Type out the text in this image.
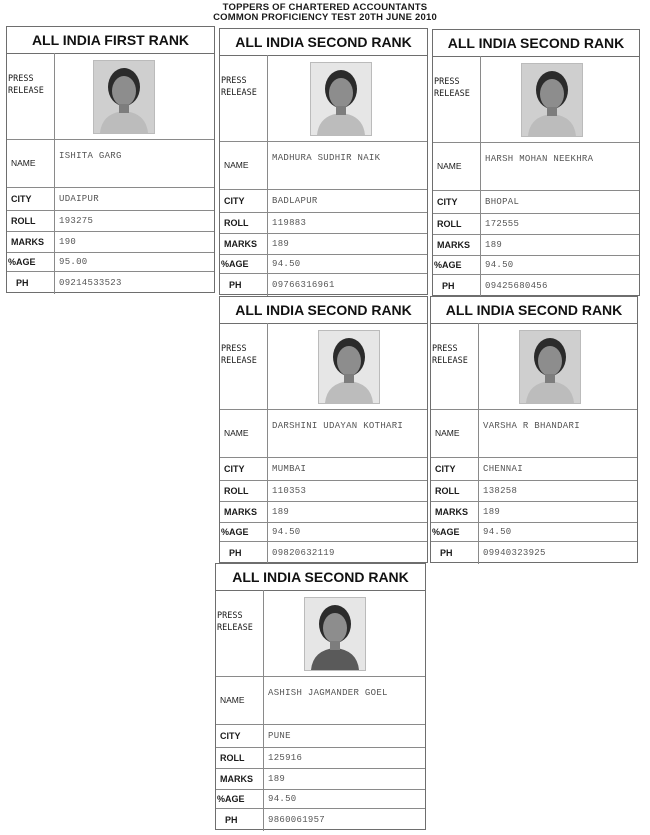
TOPPERS OF CHARTERED ACCOUNTANTS
COMMON PROFICIENCY TEST 20TH JUNE 2010
ALL INDIA FIRST RANK
PRESS RELEASE
NAME
ISHITA GARG
CITY	UDAIPUR
ROLL	193275
MARKS	190
%AGE	95.00
PH	09214533523
ALL INDIA SECOND RANK
PRESS RELEASE
NAME
MADHURA SUDHIR NAIK
CITY	BADLAPUR
ROLL	119883
MARKS	189
%AGE	94.50
PH	09766316961
ALL INDIA SECOND RANK
PRESS RELEASE
NAME
HARSH MOHAN NEEKHRA
CITY	BHOPAL
ROLL	172555
MARKS	189
%AGE	94.50
PH	09425680456
ALL INDIA SECOND RANK
PRESS RELEASE
NAME
DARSHINI UDAYAN KOTHARI
CITY	MUMBAI
ROLL	110353
MARKS	189
%AGE	94.50
PH	09820632119
ALL INDIA SECOND RANK
PRESS RELEASE
NAME
VARSHA R BHANDARI
CITY	CHENNAI
ROLL	138258
MARKS	189
%AGE	94.50
PH	09940323925
ALL INDIA SECOND RANK
PRESS RELEASE
NAME
ASHISH JAGMANDER GOEL
CITY	PUNE
ROLL	125916
MARKS	189
%AGE	94.50
PH	9860061957
